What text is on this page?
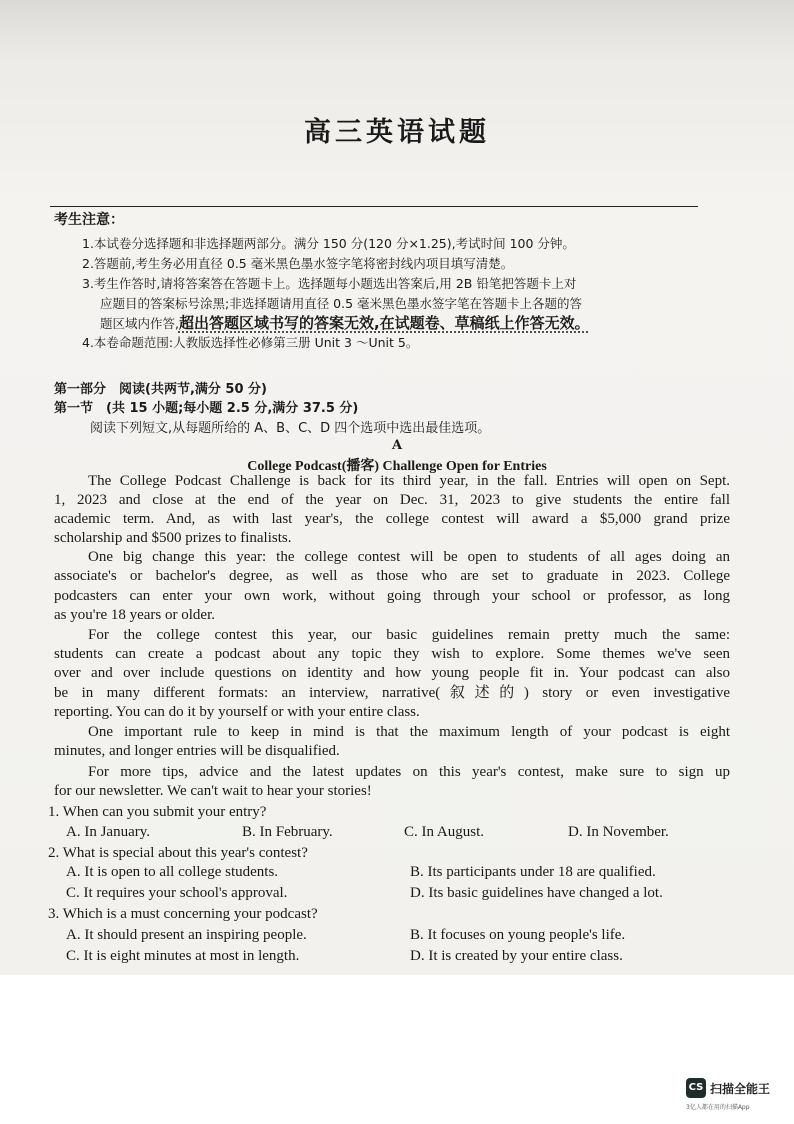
高三英语试题
考生注意：
1.本试卷分选择题和非选择题两部分。满分 150 分(120 分×1.25),考试时间 100 分钟。
2.答题前,考生务必用直径 0.5 毫米黑色墨水签字笔将密封线内项目填写清楚。
3.考生作答时,请将答案答在答题卡上。选择题每小题选出答案后,用 2B 铅笔把答题卡上对
应题目的答案标号涂黑;非选择题请用直径 0.5 毫米黑色墨水签字笔在答题卡上各题的答
题区域内作答,超出答题区域书写的答案无效,在试题卷、草稿纸上作答无效。
4.本卷命题范围:人教版选择性必修第三册 Unit 3 ～Unit 5。
第一部分　阅读(共两节,满分 50 分)
第一节　(共 15 小题;每小题 2.5 分,满分 37.5 分)
阅读下列短文,从每题所给的 A、B、C、D 四个选项中选出最佳选项。
A
College Podcast(播客) Challenge Open for Entries
The College Podcast Challenge is back for its third year, in the fall. Entries will open on Sept.
1, 2023 and close at the end of the year on Dec. 31, 2023 to give students the entire fall
academic term. And, as with last year's, the college contest will award a $5,000 grand prize
scholarship and $500 prizes to finalists.
One big change this year: the college contest will be open to students of all ages doing an
associate's or bachelor's degree, as well as those who are set to graduate in 2023. College
podcasters can enter your own work, without going through your school or professor, as long
as you're 18 years or older.
For the college contest this year, our basic guidelines remain pretty much the same:
students can create a podcast about any topic they wish to explore. Some themes we've seen
over and over include questions on identity and how young people fit in. Your podcast can also
be in many different formats: an interview, narrative(叙述的) story or even investigative
reporting. You can do it by yourself or with your entire class.
One important rule to keep in mind is that the maximum length of your podcast is eight
minutes, and longer entries will be disqualified.
For more tips, advice and the latest updates on this year's contest, make sure to sign up
for our newsletter. We can't wait to hear your stories!
1. When can you submit your entry?
A. In January.	B. In February.	C. In August.	D. In November.
2. What is special about this year's contest?
A. It is open to all college students.	B. Its participants under 18 are qualified.
C. It requires your school's approval.	D. Its basic guidelines have changed a lot.
3. Which is a must concerning your podcast?
A. It should present an inspiring people.	B. It focuses on young people's life.
C. It is eight minutes at most in length.	D. It is created by your entire class.
CS 扫描全能王
3亿人都在用的扫描App
